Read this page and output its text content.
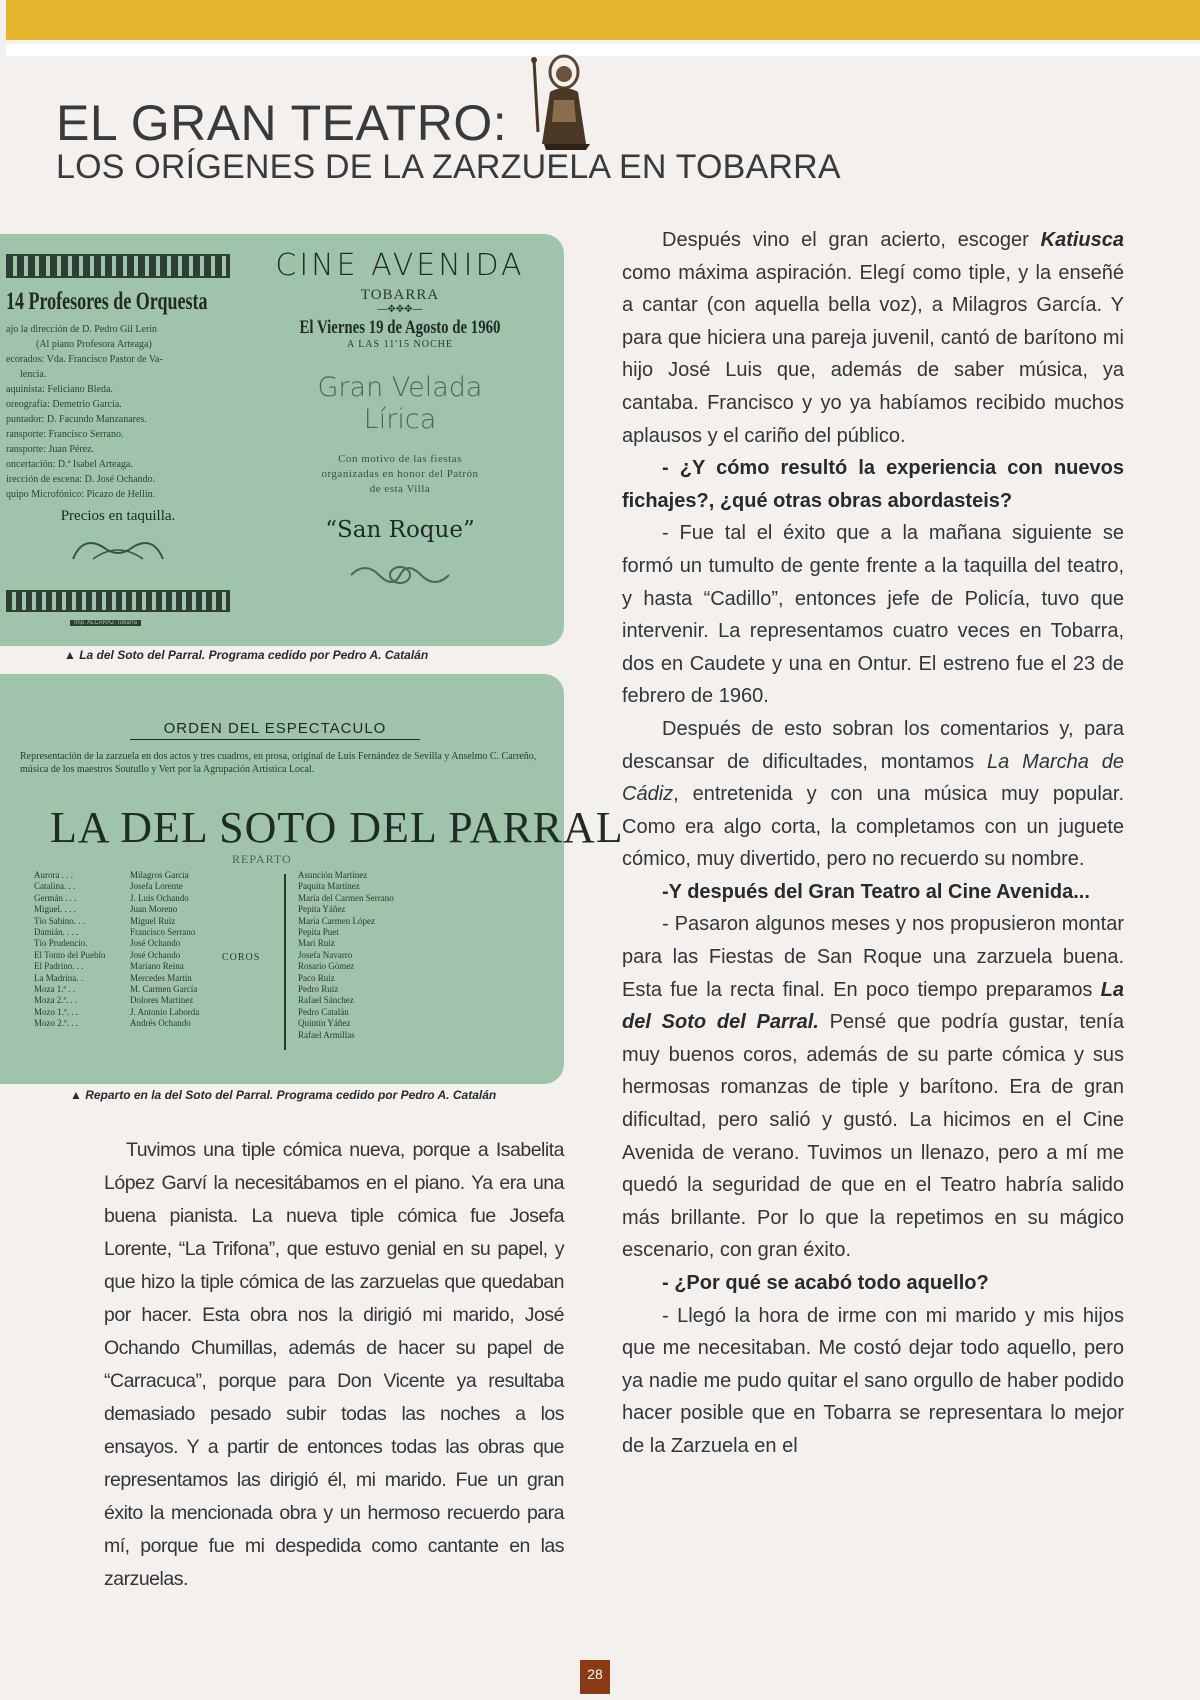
EL GRAN TEATRO:
LOS ORÍGENES DE LA ZARZUELA EN TOBARRA
14 Profesores de Orquesta
ajo la dirección de D. Pedro Gil Lerín
(Al piano Profesora Arteaga)
ecorados: Vda. Francisco Pastor de Va-
lencia.
aquinista: Feliciano Bleda.
oreografía: Demetrio García.
puntador: D. Facundo Manzanares.
ransporte: Francisco Serrano.
ransporte: Juan Pérez.
oncertación: D.ª Isabel Arteaga.
irección de escena: D. José Ochando.
quipo Microfónico: Picazo de Hellín.
Precios en taquilla.
Imp. ALCARAZ-Tobarra
CINE AVENIDA
TOBARRA
—✥✥✥—
El Viernes 19 de Agosto de 1960
A LAS 11'15 NOCHE
Gran Velada
Lírica
Con motivo de las fiestas
organizadas en honor del Patrón
de esta Villa
“San Roque”
▲ La del Soto del Parral. Programa cedido por Pedro A. Catalán
ORDEN DEL ESPECTACULO
Representación de la zarzuela en dos actos y tres cuadros, en prosa, original de Luis Fernández de Sevilla y Anselmo C. Carreño, música de los maestros Soutullo y Vert por la Agrupación Artística Local.
LA DEL SOTO DEL PARRAL
REPARTO
Aurora . . .	Milagros García
Catalina. . .	Josefa Lorente
Germán . . .	J. Luis Ochando
Miguel. . . .	Juan Moreno
Tío Sabino. . .	Miguel Ruiz
Damián. . . .	Francisco Serrano
Tío Prudencio.	José Ochando
El Tonto del Pueblo	José Ochando
El Padrino. . .	Mariano Reina
La Madrina. .	Mercedes Martín
Moza 1.ª . .	M. Carmen García
Moza 2.ª. . .	Dolores Martínez
Mozo 1.º. . .	J. Antonio Laborda
Mozo 2.º. . .	Andrés Ochando
COROS
Asunción Martínez
Paquita Martínez
María del Carmen Serrano
Pepita Yáñez
María Carmen López
Pepita Puet
Mari Ruiz
Josefa Navarro
Rosario Gómez
Paco Ruiz
Pedro Ruiz
Rafael Sánchez
Pedro Catalán
Quintín Yáñez
Rafael Armillas
▲ Reparto en la del Soto del Parral. Programa cedido por Pedro A. Catalán

Tuvimos una tiple cómica nueva, porque a Isabelita López Garví la necesitábamos en el piano. Ya era una buena pianista. La nueva tiple cómica fue Josefa Lorente, “La Trifona”, que estuvo genial en su papel, y que hizo la tiple cómica de las zarzuelas que quedaban por hacer. Esta obra nos la dirigió mi marido, José Ochando Chumillas, además de hacer su papel de “Carracuca”, porque para Don Vicente ya resultaba demasiado pesado subir todas las noches a los ensayos. Y a partir de entonces todas las obras que representamos las dirigió él, mi marido. Fue un gran éxito la mencionada obra y un hermoso recuerdo para mí, porque fue mi despedida como cantante en las zarzuelas.

Después vino el gran acierto, escoger Katiusca como máxima aspiración. Elegí como tiple, y la enseñé a cantar (con aquella bella voz), a Milagros García. Y para que hiciera una pareja juvenil, cantó de barítono mi hijo José Luis que, además de saber música, ya cantaba. Francisco y yo ya habíamos recibido muchos aplausos y el cariño del público.

- ¿Y cómo resultó la experiencia con nuevos fichajes?, ¿qué otras obras abordasteis?

- Fue tal el éxito que a la mañana siguiente se formó un tumulto de gente frente a la taquilla del teatro, y hasta “Cadillo”, entonces jefe de Policía, tuvo que intervenir. La representamos cuatro veces en Tobarra, dos en Caudete y una en Ontur. El estreno fue el 23 de febrero de 1960.

Después de esto sobran los comentarios y, para descansar de dificultades, montamos La Marcha de Cádiz, entretenida y con una música muy popular. Como era algo corta, la completamos con un juguete cómico, muy divertido, pero no recuerdo su nombre.

-Y después del Gran Teatro al Cine Avenida...

- Pasaron algunos meses y nos propusieron montar para las Fiestas de San Roque una zarzuela buena. Esta fue la recta final. En poco tiempo preparamos La del Soto del Parral. Pensé que podría gustar, tenía muy buenos coros, además de su parte cómica y sus hermosas romanzas de tiple y barítono. Era de gran dificultad, pero salió y gustó. La hicimos en el Cine Avenida de verano. Tuvimos un llenazo, pero a mí me quedó la seguridad de que en el Teatro habría salido más brillante. Por lo que la repetimos en su mágico escenario, con gran éxito.

- ¿Por qué se acabó todo aquello?

- Llegó la hora de irme con mi marido y mis hijos que me necesitaban. Me costó dejar todo aquello, pero ya nadie me pudo quitar el sano orgullo de haber podido hacer posible que en Tobarra se representara lo mejor de la Zarzuela en el

28
